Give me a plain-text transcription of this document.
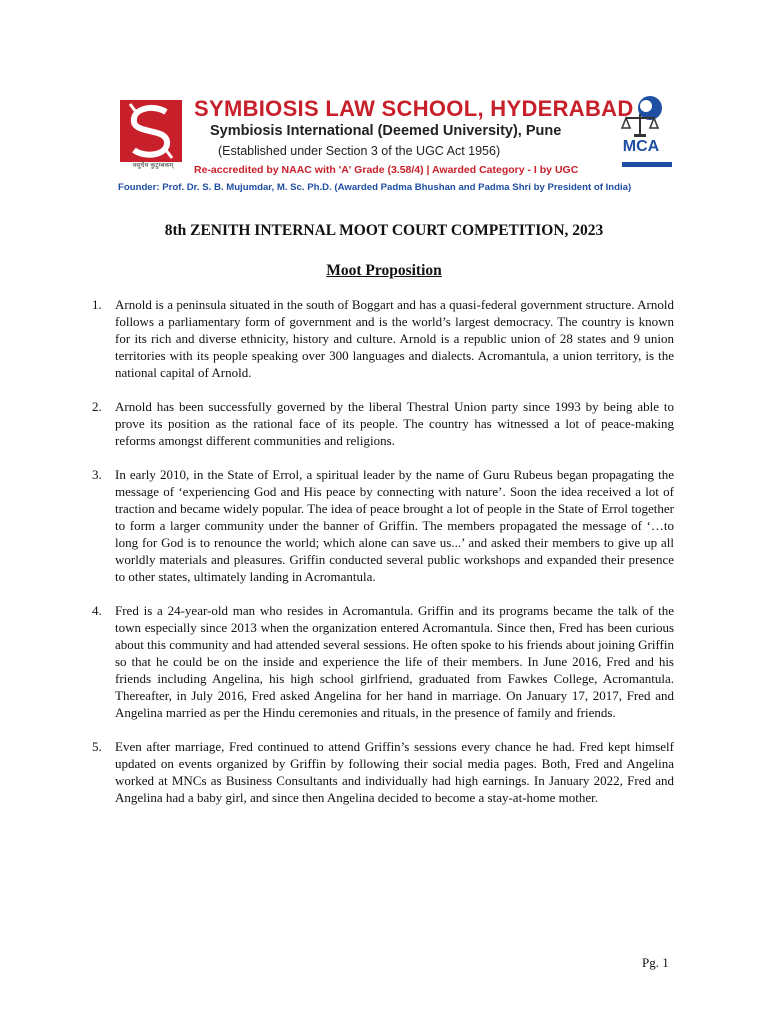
वसुधैव कुटुम्बकम्
SYMBIOSIS LAW SCHOOL, HYDERABAD
Symbiosis International (Deemed University), Pune
(Established under Section 3 of the UGC Act 1956)
Re-accredited by NAAC with 'A' Grade (3.58/4) | Awarded Category - I by UGC
MCA
Founder: Prof. Dr. S. B. Mujumdar, M. Sc. Ph.D. (Awarded Padma Bhushan and Padma Shri by President of India)
8th ZENITH INTERNAL MOOT COURT COMPETITION, 2023
Moot Proposition
1.	Arnold is a peninsula situated in the south of Boggart and has a quasi-federal government structure. Arnold follows a parliamentary form of government and is the world’s largest democracy. The country is known for its rich and diverse ethnicity, history and culture. Arnold is a republic union of 28 states and 9 union territories with its people speaking over 300 languages and dialects. Acromantula, a union territory, is the national capital of Arnold.
2.	Arnold has been successfully governed by the liberal Thestral Union party since 1993 by being able to prove its position as the rational face of its people. The country has witnessed a lot of peace-making reforms amongst different communities and religions.
3.	In early 2010, in the State of Errol, a spiritual leader by the name of Guru Rubeus began propagating the message of ‘experiencing God and His peace by connecting with nature’. Soon the idea received a lot of traction and became widely popular. The idea of peace brought a lot of people in the State of Errol together to form a larger community under the banner of Griffin. The members propagated the message of ‘…to long for God is to renounce the world; which alone can save us...’ and asked their members to give up all worldly materials and pleasures. Griffin conducted several public workshops and expanded their presence to other states, ultimately landing in Acromantula.
4.	Fred is a 24-year-old man who resides in Acromantula. Griffin and its programs became the talk of the town especially since 2013 when the organization entered Acromantula. Since then, Fred has been curious about this community and had attended several sessions. He often spoke to his friends about joining Griffin so that he could be on the inside and experience the life of their members. In June 2016, Fred and his friends including Angelina, his high school girlfriend, graduated from Fawkes College, Acromantula. Thereafter, in July 2016, Fred asked Angelina for her hand in marriage. On January 17, 2017, Fred and Angelina married as per the Hindu ceremonies and rituals, in the presence of family and friends.
5.	Even after marriage, Fred continued to attend Griffin’s sessions every chance he had. Fred kept himself updated on events organized by Griffin by following their social media pages. Both, Fred and Angelina worked at MNCs as Business Consultants and individually had high earnings. In January 2022, Fred and Angelina had a baby girl, and since then Angelina decided to become a stay-at-home mother.
Pg. 1
